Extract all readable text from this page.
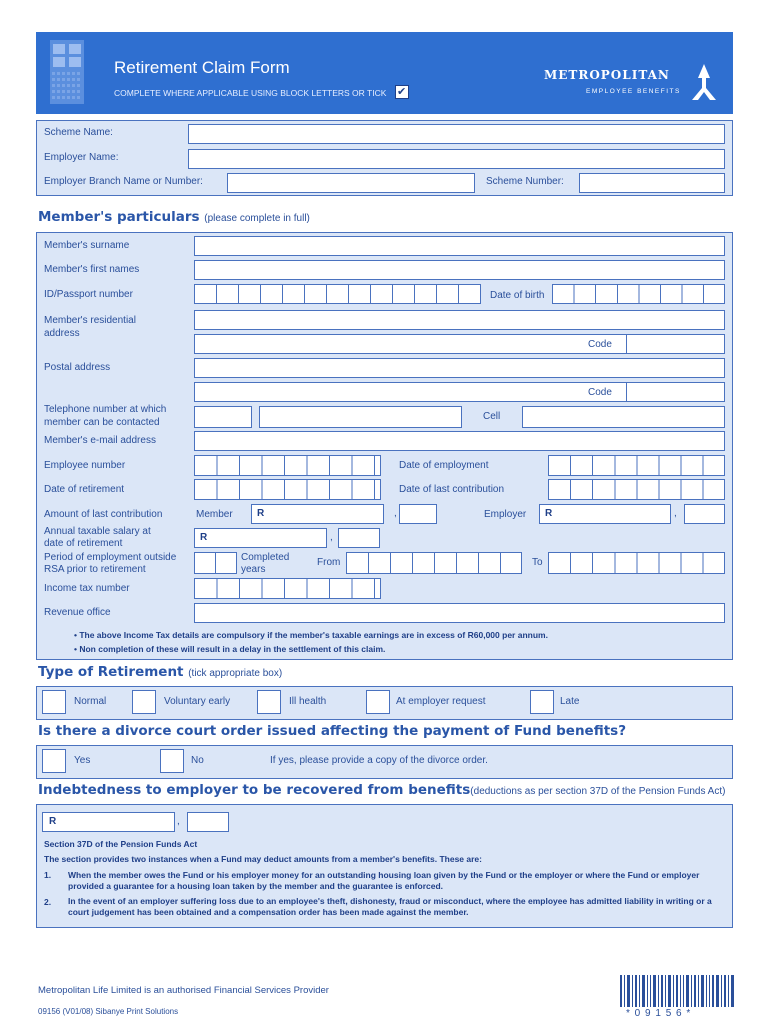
Retirement Claim Form
COMPLETE WHERE APPLICABLE USING BLOCK LETTERS OR TICK ✔
METROPOLITAN
EMPLOYEE BENEFITS
Scheme Name:
Employer Name:
Employer Branch Name or Number:	Scheme Number:
Member's particulars (please complete in full)
Member's surname
Member's first names
ID/Passport number	Date of birth
Member's residential
address
Code
Postal address
Code
Telephone number at which
member can be contacted
Cell
Member's e-mail address
Employee number	Date of employment
Date of retirement	Date of last contribution
Amount of last contribution	Member R	,	Employer R	,
Annual taxable salary at
date of retirement
R	,
Period of employment outside
RSA prior to retirement
Completed
years
From	To
Income tax number
Revenue office
• The above Income Tax details are compulsory if the member's taxable earnings are in excess of R60,000 per annum.
• Non completion of these will result in a delay in the settlement of this claim.
Type of Retirement (tick appropriate box)
Normal	Voluntary early	Ill health	At employer request	Late
Is there a divorce court order issued affecting the payment of Fund benefits?
Yes	No	If yes, please provide a copy of the divorce order.
Indebtedness to employer to be recovered from benefits(deductions as per section 37D of the Pension Funds Act)
R	,
Section 37D of the Pension Funds Act
The section provides two instances when a Fund may deduct amounts from a member's benefits. These are:
1. When the member owes the Fund or his employer money for an outstanding housing loan given by the Fund or the employer or where the Fund or employer provided a guarantee for a housing loan taken by the member and the guarantee is enforced.
2. In the event of an employer suffering loss due to an employee's theft, dishonesty, fraud or misconduct, where the employee has admitted liability in writing or a court judgement has been obtained and a compensation order has been made against the member.
Metropolitan Life Limited is an authorised Financial Services Provider
09156 (V01/08) Sibanye Print Solutions	* 0 9 1 5 6 *
